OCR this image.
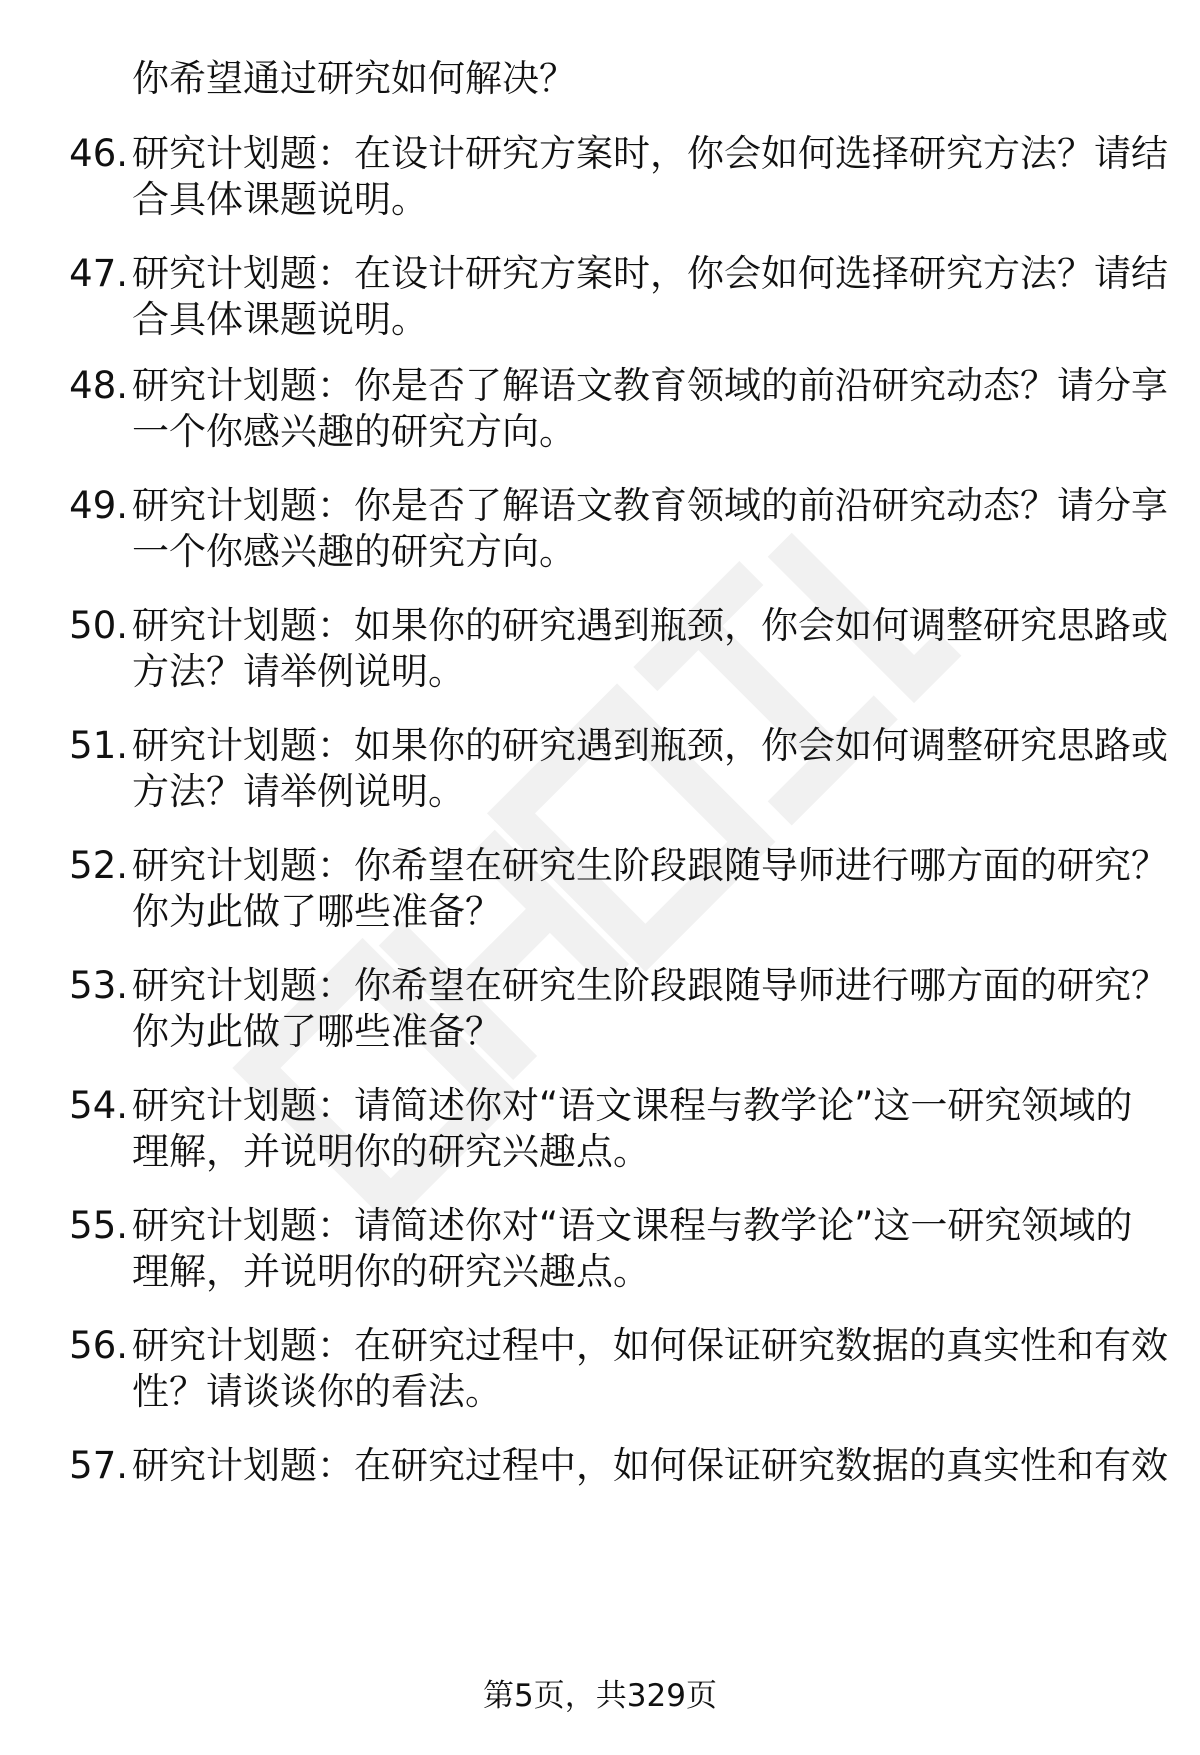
你希望通过研究如何解决？
46. 研究计划题：在设计研究方案时，你会如何选择研究方法？请结
合具体课题说明。
47. 研究计划题：在设计研究方案时，你会如何选择研究方法？请结
合具体课题说明。
48. 研究计划题：你是否了解语文教育领域的前沿研究动态？请分享
一个你感兴趣的研究方向。
49. 研究计划题：你是否了解语文教育领域的前沿研究动态？请分享
一个你感兴趣的研究方向。
50. 研究计划题：如果你的研究遇到瓶颈，你会如何调整研究思路或
方法？请举例说明。
51. 研究计划题：如果你的研究遇到瓶颈，你会如何调整研究思路或
方法？请举例说明。
52. 研究计划题：你希望在研究生阶段跟随导师进行哪方面的研究？
你为此做了哪些准备？
53. 研究计划题：你希望在研究生阶段跟随导师进行哪方面的研究？
你为此做了哪些准备？
54. 研究计划题：请简述你对“语文课程与教学论”这一研究领域的
理解，并说明你的研究兴趣点。
55. 研究计划题：请简述你对“语文课程与教学论”这一研究领域的
理解，并说明你的研究兴趣点。
56. 研究计划题：在研究过程中，如何保证研究数据的真实性和有效
性？请谈谈你的看法。
57. 研究计划题：在研究过程中，如何保证研究数据的真实性和有效
第5页，共329页
